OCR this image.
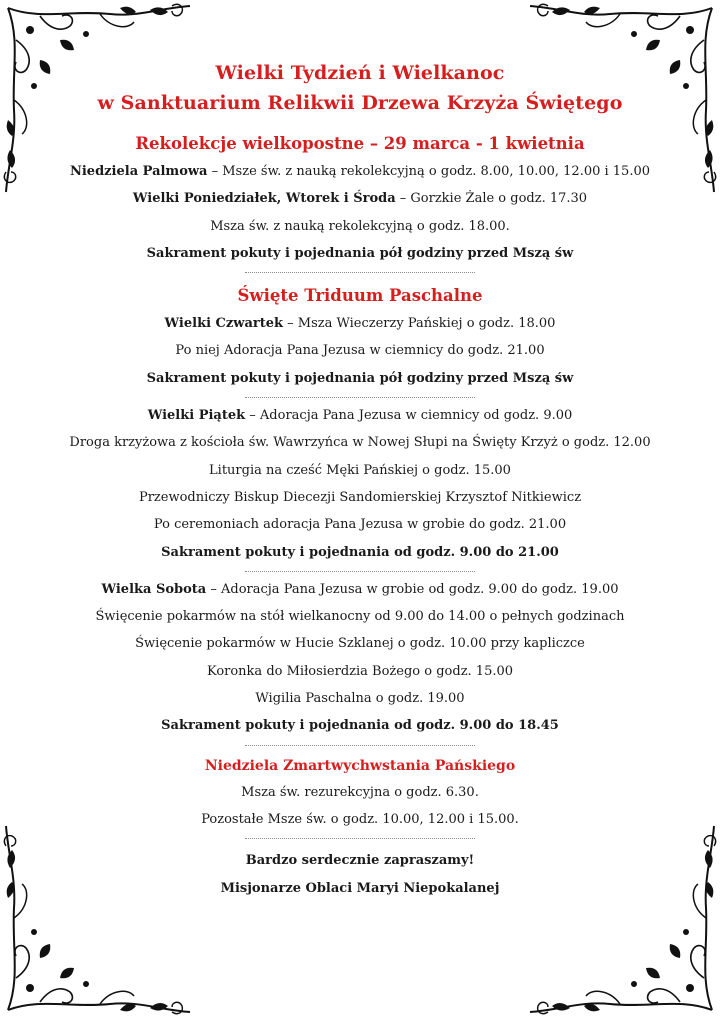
Wielki Tydzień i Wielkanoc
w Sanktuarium Relikwii Drzewa Krzyża Świętego
Rekolekcje wielkopostne – 29 marca - 1 kwietnia
Niedziela Palmowa – Msze św. z nauką rekolekcyjną o godz. 8.00, 10.00, 12.00 i 15.00
Wielki Poniedziałek, Wtorek i Środa – Gorzkie Żale o godz. 17.30
Msza św. z nauką rekolekcyjną o godz. 18.00.
Sakrament pokuty i pojednania pół godziny przed Mszą św
Święte Triduum Paschalne
Wielki Czwartek – Msza Wieczerzy Pańskiej o godz. 18.00
Po niej Adoracja Pana Jezusa w ciemnicy do godz. 21.00
Sakrament pokuty i pojednania pół godziny przed Mszą św
Wielki Piątek – Adoracja Pana Jezusa w ciemnicy od godz. 9.00
Droga krzyżowa z kościoła św. Wawrzyńca w Nowej Słupi na Święty Krzyż o godz. 12.00
Liturgia na cześć Męki Pańskiej o godz. 15.00
Przewodniczy Biskup Diecezji Sandomierskiej Krzysztof Nitkiewicz
Po ceremoniach adoracja Pana Jezusa w grobie do godz. 21.00
Sakrament pokuty i pojednania od godz. 9.00 do 21.00
Wielka Sobota – Adoracja Pana Jezusa w grobie od godz. 9.00 do godz. 19.00
Święcenie pokarmów na stół wielkanocny od 9.00 do 14.00 o pełnych godzinach
Święcenie pokarmów w Hucie Szklanej o godz. 10.00 przy kapliczce
Koronka do Miłosierdzia Bożego o godz. 15.00
Wigilia Paschalna o godz. 19.00
Sakrament pokuty i pojednania od godz. 9.00 do 18.45
Niedziela Zmartwychwstania Pańskiego
Msza św. rezurekcyjna o godz. 6.30.
Pozostałe Msze św. o godz. 10.00, 12.00 i 15.00.
Bardzo serdecznie zapraszamy!
Misjonarze Oblaci Maryi Niepokalanej
